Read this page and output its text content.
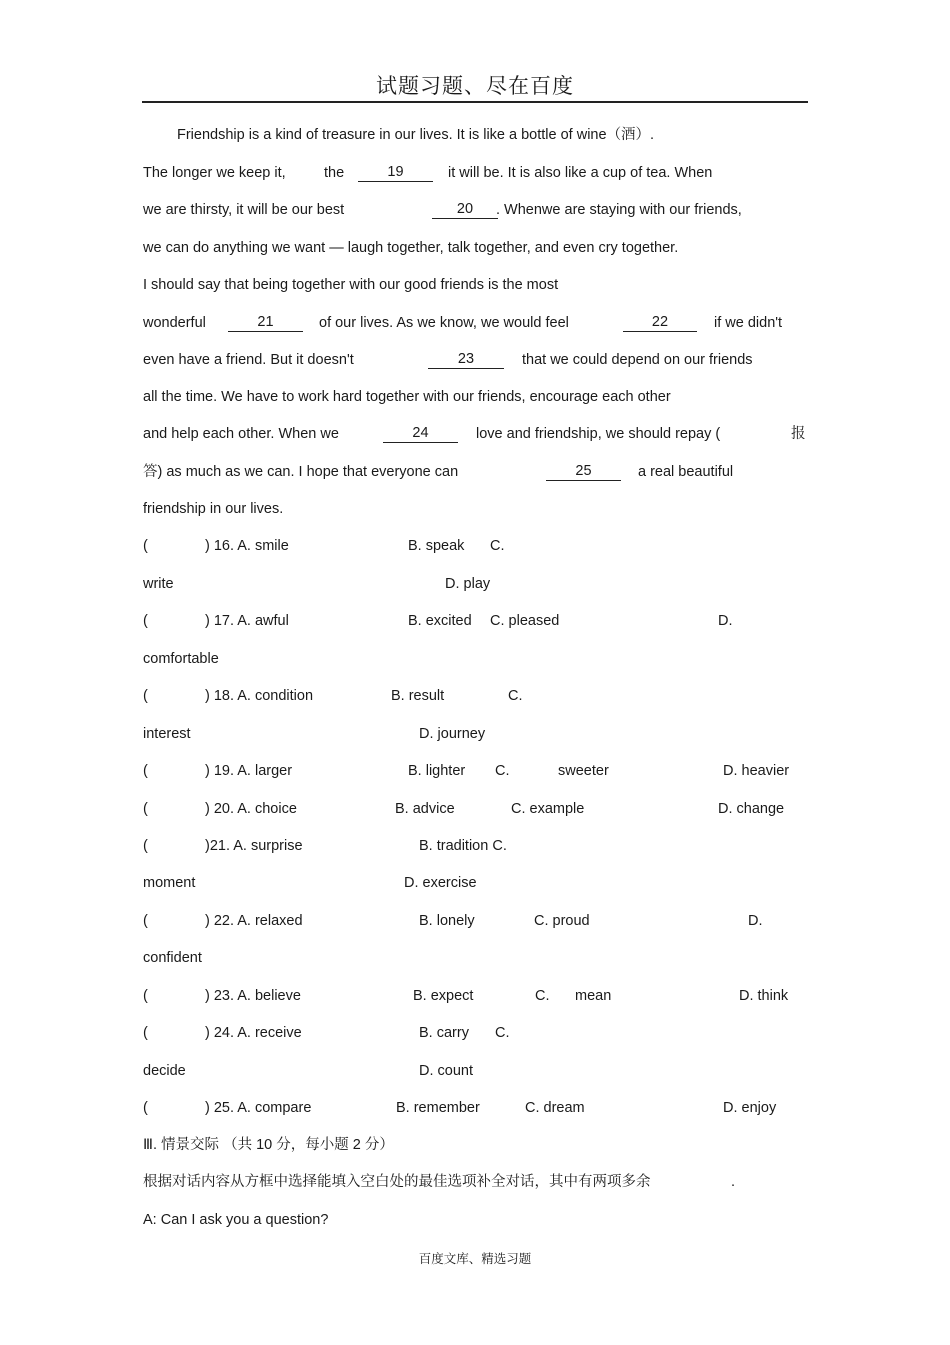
试题习题、尽在百度
Friendship is a kind of treasure in our lives. It is like a bottle of wine（酒）.
The longer we keep it,	the	19	it will be. It is also like a cup of tea. When
we are thirsty, it will be our best	20	. Whenwe are staying with our friends,
we can do anything we want — laugh together, talk together, and even cry together.
I should say that being together with our good friends is the most
wonderful	21	of our lives. As we know, we would feel	22	if we didn't
even have a friend. But it doesn't	23	that we could depend on our friends
all the time. We have to work hard together with our friends, encourage each other
and help each other. When we	24	love and friendship, we should repay (	报
答) as much as we can. I hope that everyone can	25	a real beautiful
friendship in our lives.
(	) 16. A. smile	B. speak C.
write	D. play
(	) 17. A. awful	B. excited C. pleased	D.
comfortable
(	) 18. A. condition	B. result	C.
interest	D. journey
(	) 19. A. larger	B. lighter C.	sweeter	D. heavier
(	) 20. A. choice	B. advice	C. example	D. change
(	)21. A. surprise	B. tradition C.
moment	D. exercise
(	) 22. A. relaxed	B. lonely	C. proud	D.
confident
(	) 23. A. believe	B. expect	C. mean	D. think
(	) 24. A. receive	B. carry C.
decide	D. count
(	) 25. A. compare	B. remember	C. dream	D. enjoy
Ⅲ. 情景交际 （共 10 分，每小题 2 分）
根据对话内容从方框中选择能填入空白处的最佳选项补全对话，其中有两项多余	.
A: Can I ask you a question?
百度文库、精选习题
